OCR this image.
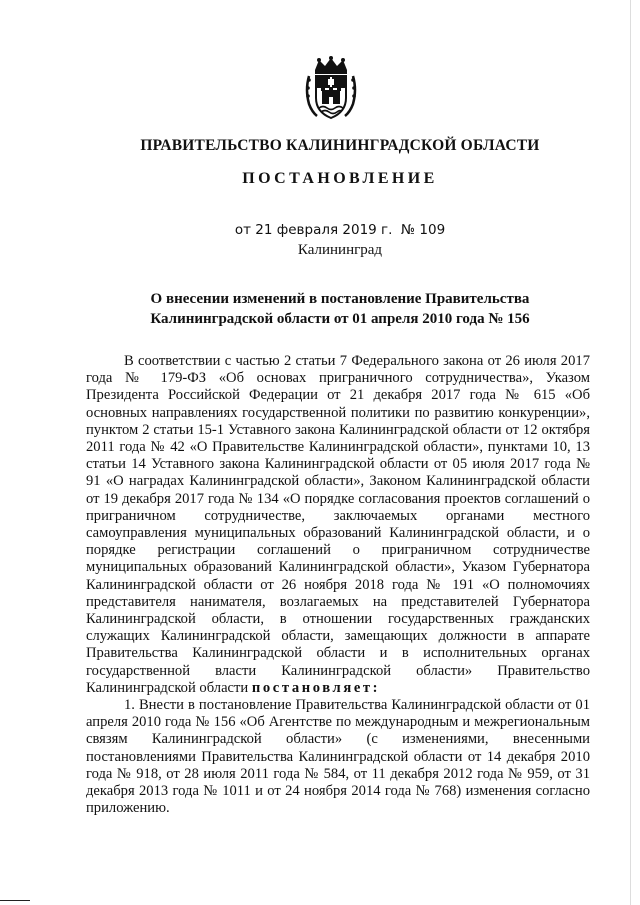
ПРАВИТЕЛЬСТВО КАЛИНИНГРАДСКОЙ ОБЛАСТИ
ПОСТАНОВЛЕНИЕ
от 21 февраля 2019 г. № 109
Калининград
О внесении изменений в постановление Правительства
Калининградской области от 01 апреля 2010 года № 156

В соответствии с частью 2 статьи 7 Федерального закона от 26 июля 2017 года № 179-ФЗ «Об основах приграничного сотрудничества», Указом Президента Российской Федерации от 21 декабря 2017 года № 615 «Об основных направлениях государственной политики по развитию конкуренции», пунктом 2 статьи 15-1 Уставного закона Калининградской области от 12 октября 2011 года № 42 «О Правительстве Калининградской области», пунктами 10, 13 статьи 14 Уставного закона Калининградской области от 05 июля 2017 года № 91 «О наградах Калининградской области», Законом Калининградской области от 19 декабря 2017 года № 134 «О порядке согласования проектов соглашений о приграничном сотрудничестве, заключаемых органами местного самоуправления муниципальных образований Калининградской области, и о порядке регистрации соглашений о приграничном сотрудничестве муниципальных образований Калининградской области», Указом Губернатора Калининградской области от 26 ноября 2018 года № 191 «О полномочиях представителя нанимателя, возлагаемых на представителей Губернатора Калининградской области, в отношении государственных гражданских служащих Калининградской области, замещающих должности в аппарате Правительства Калининградской области и в исполнительных органах государственной власти Калининградской области» Правительство Калининградской области постановляет:

1. Внести в постановление Правительства Калининградской области от 01 апреля 2010 года № 156 «Об Агентстве по международным и межрегиональным связям Калининградской области» (с изменениями, внесенными постановлениями Правительства Калининградской области от 14 декабря 2010 года № 918, от 28 июля 2011 года № 584, от 11 декабря 2012 года № 959, от 31 декабря 2013 года № 1011 и от 24 ноября 2014 года № 768) изменения согласно приложению.
